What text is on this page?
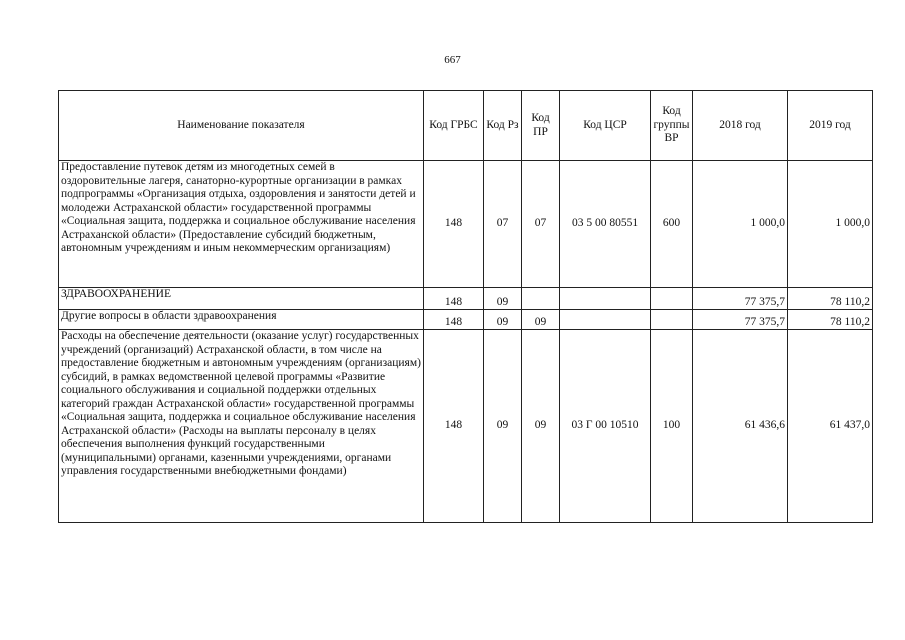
667
Наименование показателя	Код ГРБС	Код Рз	Код ПР	Код ЦСР	Код группы ВР	2018 год	2019 год
Предоставление путевок детям из многодетных семей в оздоровительные лагеря, санаторно-курортные организации в рамках подпрограммы «Организация отдыха, оздоровления и занятости детей и молодежи Астраханской области» государственной программы «Социальная защита, поддержка и социальное обслуживание населения Астраханской области» (Предоставление субсидий бюджетным, автономным учреждениям и иным некоммерческим организациям)	148	07	07	03 5 00 80551	600	1 000,0	1 000,0
ЗДРАВООХРАНЕНИЕ	148	09				77 375,7	78 110,2
Другие вопросы в области здравоохранения	148	09	09			77 375,7	78 110,2
Расходы на обеспечение деятельности (оказание услуг) государственных учреждений (организаций) Астраханской области, в том числе на предоставление бюджетным и автономным учреждениям (организациям) субсидий, в рамках ведомственной целевой программы «Развитие социального обслуживания и социальной поддержки отдельных категорий граждан Астраханской области» государственной программы «Социальная защита, поддержка и социальное обслуживание населения Астраханской области» (Расходы на выплаты персоналу в целях обеспечения выполнения функций государственными (муниципальными) органами, казенными учреждениями, органами управления государственными внебюджетными фондами)	148	09	09	03 Г 00 10510	100	61 436,6	61 437,0
